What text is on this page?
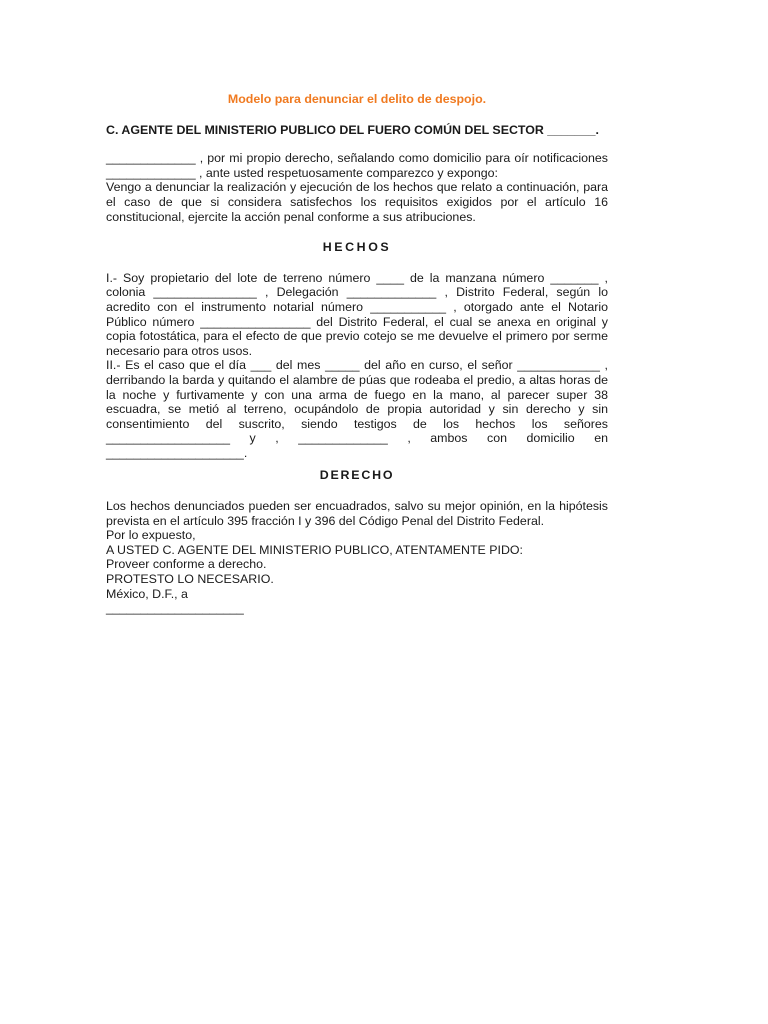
Modelo para denunciar el delito de despojo.

C. AGENTE DEL MINISTERIO PUBLICO DEL FUERO COMÚN DEL SECTOR _______.

_____________ , por mi propio derecho, señalando como domicilio para oír notificaciones

_____________ , ante usted respetuosamente comparezco y expongo:

Vengo a denunciar la realización y ejecución de los hechos que relato a continuación, para el caso de que si considera satisfechos los requisitos exigidos por el artículo 16 constitucional, ejercite la acción penal conforme a sus atribuciones.

HECHOS

I.- Soy propietario del lote de terreno número ____ de la manzana número _______ , colonia _______________ , Delegación _____________ , Distrito Federal, según lo acredito con el instrumento notarial número ___________ , otorgado ante el Notario Público número ________________ del Distrito Federal, el cual se anexa en original y copia fotostática, para el efecto de que previo cotejo se me devuelve el primero por serme necesario para otros usos.

II.- Es el caso que el día ___ del mes _____ del año en curso, el señor ____________ , derribando la barda y quitando el alambre de púas que rodeaba el predio, a altas horas de la noche y furtivamente y con una arma de fuego en la mano, al parecer super 38 escuadra, se metió al terreno, ocupándolo de propia autoridad y sin derecho y sin consentimiento del suscrito, siendo testigos de los hechos los señores __________________ y , _____________ , ambos con domicilio en ____________________.

DERECHO

Los hechos denunciados pueden ser encuadrados, salvo su mejor opinión, en la hipótesis prevista en el artículo 395 fracción I y 396 del Código Penal del Distrito Federal.

Por lo expuesto,

A USTED C. AGENTE DEL MINISTERIO PUBLICO, ATENTAMENTE PIDO:

Proveer conforme a derecho.

PROTESTO LO NECESARIO.

México, D.F., a

____________________
